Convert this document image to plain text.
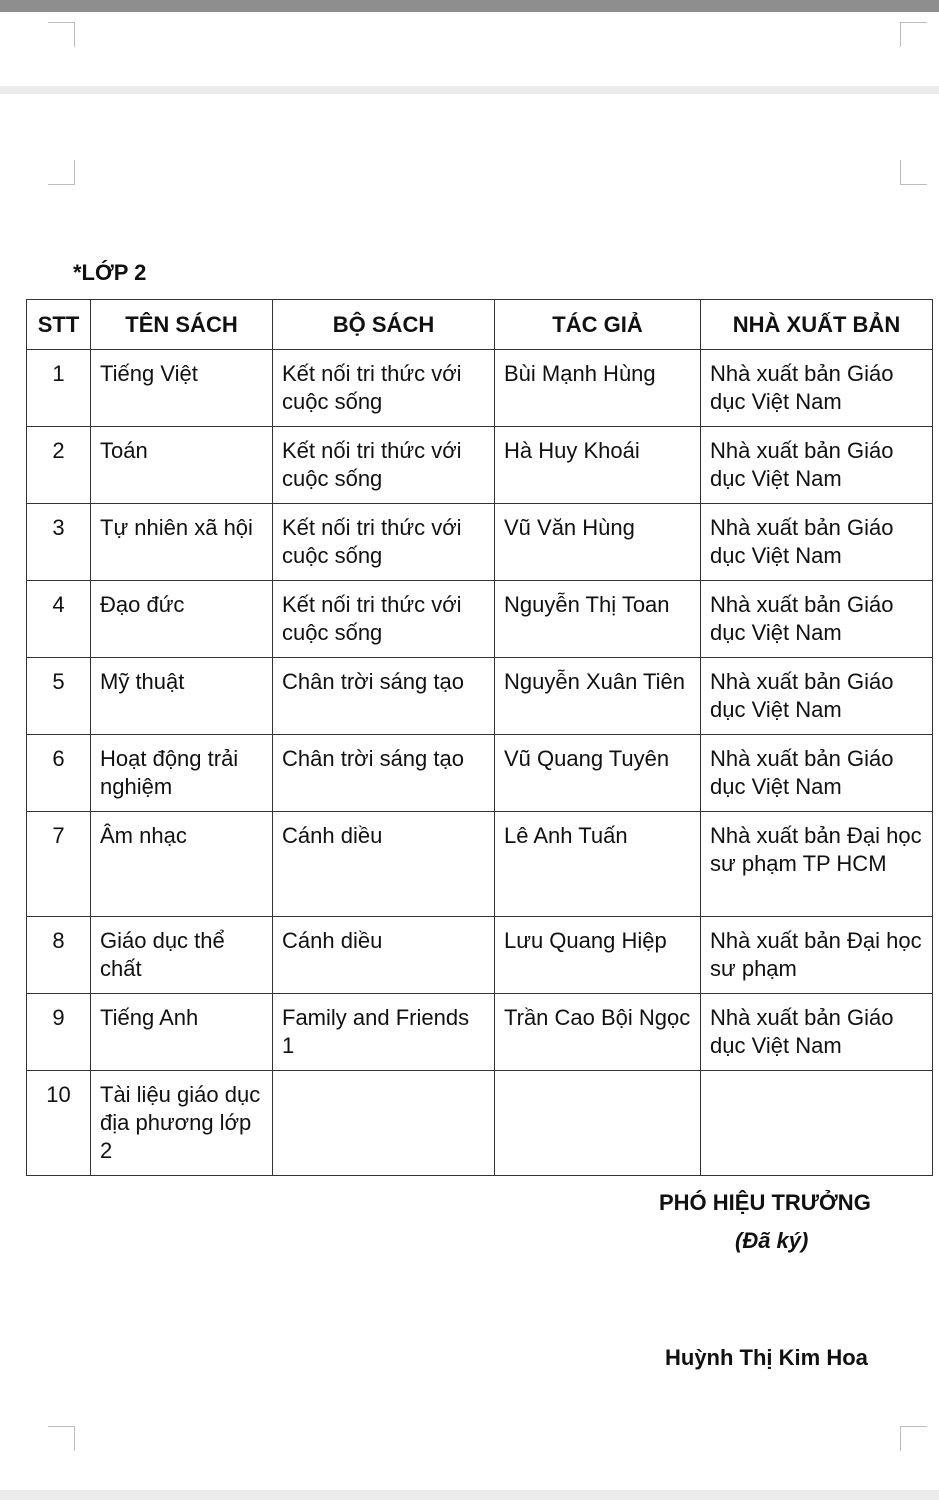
*LỚP 2
STT	TÊN SÁCH	BỘ SÁCH	TÁC GIẢ	NHÀ XUẤT BẢN
1	Tiếng Việt	Kết nối tri thức với cuộc sống	Bùi Mạnh Hùng	Nhà xuất bản Giáo dục Việt Nam
2	Toán	Kết nối tri thức với cuộc sống	Hà Huy Khoái	Nhà xuất bản Giáo dục Việt Nam
3	Tự nhiên xã hội	Kết nối tri thức với cuộc sống	Vũ Văn Hùng	Nhà xuất bản Giáo dục Việt Nam
4	Đạo đức	Kết nối tri thức với cuộc sống	Nguyễn Thị Toan	Nhà xuất bản Giáo dục Việt Nam
5	Mỹ thuật	Chân trời sáng tạo	Nguyễn Xuân Tiên	Nhà xuất bản Giáo dục Việt Nam
6	Hoạt động trải nghiệm	Chân trời sáng tạo	Vũ Quang Tuyên	Nhà xuất bản Giáo dục Việt Nam
7	Âm nhạc	Cánh diều	Lê Anh Tuấn	Nhà xuất bản Đại học sư phạm TP HCM
8	Giáo dục thể chất	Cánh diều	Lưu Quang Hiệp	Nhà xuất bản Đại học sư phạm
9	Tiếng Anh	Family and Friends 1	Trần Cao Bội Ngọc	Nhà xuất bản Giáo dục Việt Nam
10	Tài liệu giáo dục địa phương lớp 2			
PHÓ HIỆU TRƯỞNG
(Đã ký)
Huỳnh Thị Kim Hoa
